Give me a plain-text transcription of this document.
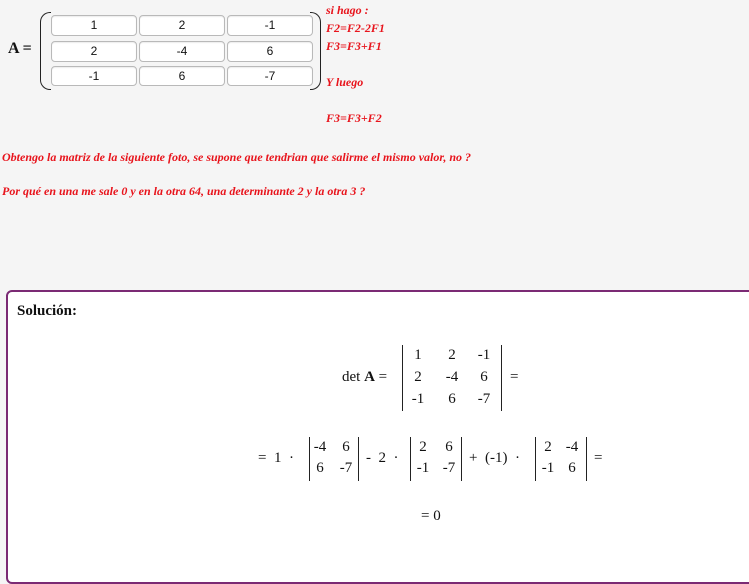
A =
1	2	-1
2	-4	6
-1	6	-7
si hago :
F2=F2-2F1
F3=F3+F1
Y luego
F3=F3+F2
Obtengo la matriz de la siguiente foto, se supone que tendrian que salirme el mismo valor, no ?
Por qué en una me sale 0 y en la otra 64, una determinante 2 y la otra 3 ?
Solución:
det A =
1	2	-1
2	-4	6
-1	6	-7
=
=  1  ·
-4	6
6	-7
-  2  ·
2	6
-1 -7
+  (-1)  ·
2 -4
-1 6
=
= 0
